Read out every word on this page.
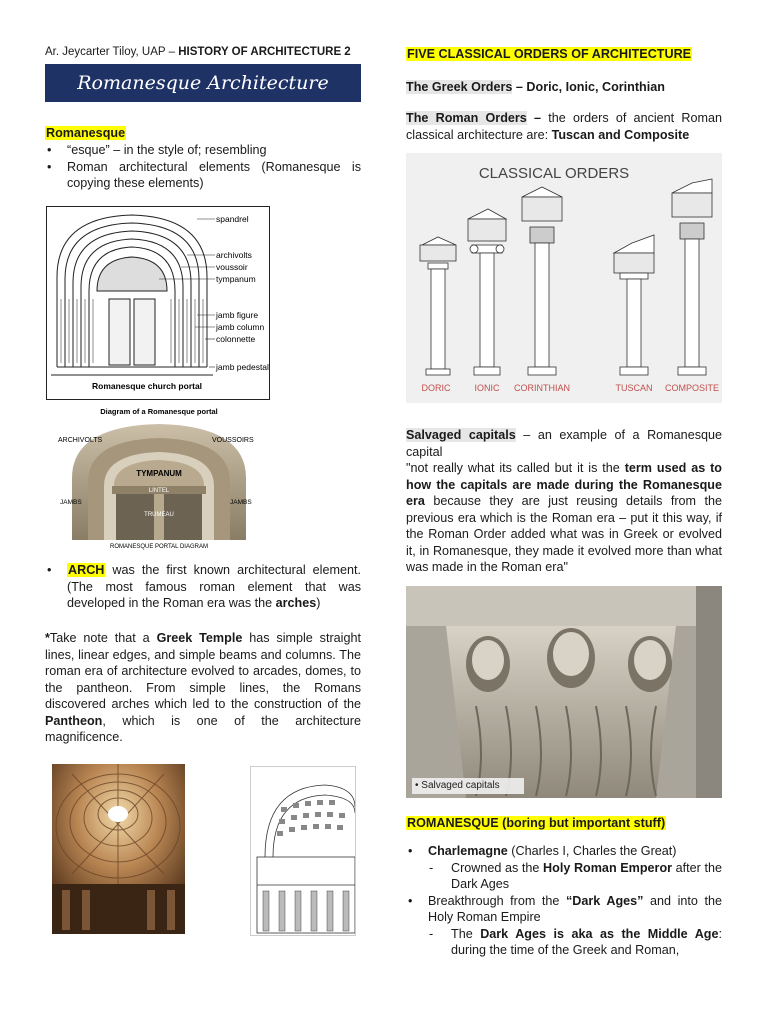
Ar. Jeycarter Tiloy, UAP – HISTORY OF ARCHITECTURE 2
Romanesque Architecture
Romanesque
• “esque” – in the style of; resembling
• Roman architectural elements (Romanesque is copying these elements)
spandrel
archivolts
voussoir
tympanum
jamb figure
jamb column
colonnette
jamb pedestal
Romanesque church portal
Diagram of a Romanesque portal
ARCHIVOLTS	VOUSSOIRS
TYMPANUM
LINTEL
JAMBS	JAMBS
TRUMEAU
ROMANESQUE PORTAL DIAGRAM
• ARCH was the first known architectural element. (The most famous roman element that was developed in the Roman era was the arches)
*Take note that a Greek Temple has simple straight lines, linear edges, and simple beams and columns. The roman era of architecture evolved to arcades, domes, to the pantheon. From simple lines, the Romans discovered arches which led to the construction of the Pantheon, which is one of the architecture magnificence.
FIVE CLASSICAL ORDERS OF ARCHITECTURE
The Greek Orders – Doric, Ionic, Corinthian
The Roman Orders – the orders of ancient Roman classical architecture are: Tuscan and Composite
CLASSICAL ORDERS
DORIC	IONIC CORINTHIAN	TUSCAN COMPOSITE
Salvaged capitals – an example of a Romanesque capital
"not really what its called but it is the term used as to how the capitals are made during the Romanesque era because they are just reusing details from the previous era which is the Roman era – put it this way, if the Roman Order added what was in Greek or evolved it, in Romanesque, they made it evolved more than what was made in the Roman era"
• Salvaged capitals
ROMANESQUE (boring but important stuff)
• Charlemagne (Charles I, Charles the Great)
- Crowned as the Holy Roman Emperor after the Dark Ages
• Breakthrough from the “Dark Ages” and into the Holy Roman Empire
- The Dark Ages is aka as the Middle Age: during the time of the Greek and Roman,
